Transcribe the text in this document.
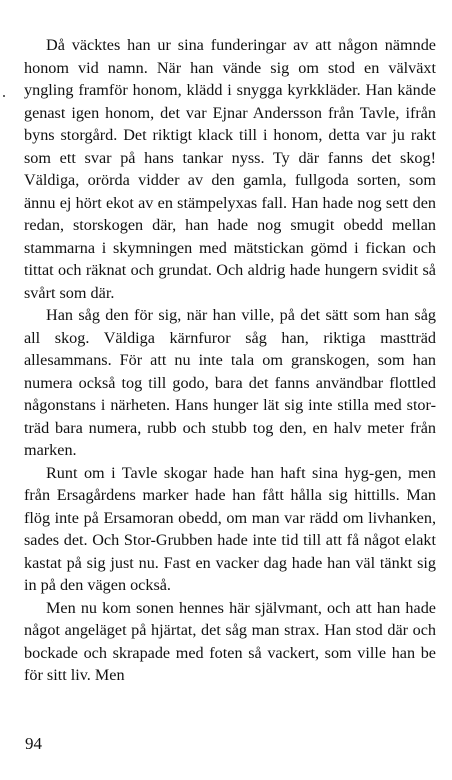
Då väcktes han ur sina funderingar av att någon nämnde honom vid namn. När han vände sig om stod en välväxt yngling framför honom, klädd i snygga kyrkkläder. Han kände genast igen honom, det var Ejnar Andersson från Tavle, ifrån byns storgård. Det riktigt klack till i honom, detta var ju rakt som ett svar på hans tankar nyss. Ty där fanns det skog! Väldiga, orörda vidder av den gamla, fullgoda sorten, som ännu ej hört ekot av en stämpelyxas fall. Han hade nog sett den redan, storskogen där, han hade nog smugit obedd mellan stammarna i skymningen med mätstickan gömd i fickan och tittat och räknat och grundat. Och aldrig hade hungern svidit så svårt som där.

Han såg den för sig, när han ville, på det sätt som han såg all skog. Väldiga kärnfuror såg han, riktiga mastträd allesammans. För att nu inte tala om granskogen, som han numera också tog till godo, bara det fanns användbar flottled någonstans i närheten. Hans hunger lät sig inte stilla med stor-träd bara numera, rubb och stubb tog den, en halv meter från marken.

Runt om i Tavle skogar hade han haft sina hyg-gen, men från Ersagårdens marker hade han fått hålla sig hittills. Man flög inte på Ersamoran obedd, om man var rädd om livhanken, sades det. Och Stor-Grubben hade inte tid till att få något elakt kastat på sig just nu. Fast en vacker dag hade han väl tänkt sig in på den vägen också.

Men nu kom sonen hennes här självmant, och att han hade något angeläget på hjärtat, det såg man strax. Han stod där och bockade och skrapade med foten så vackert, som ville han be för sitt liv. Men

94
